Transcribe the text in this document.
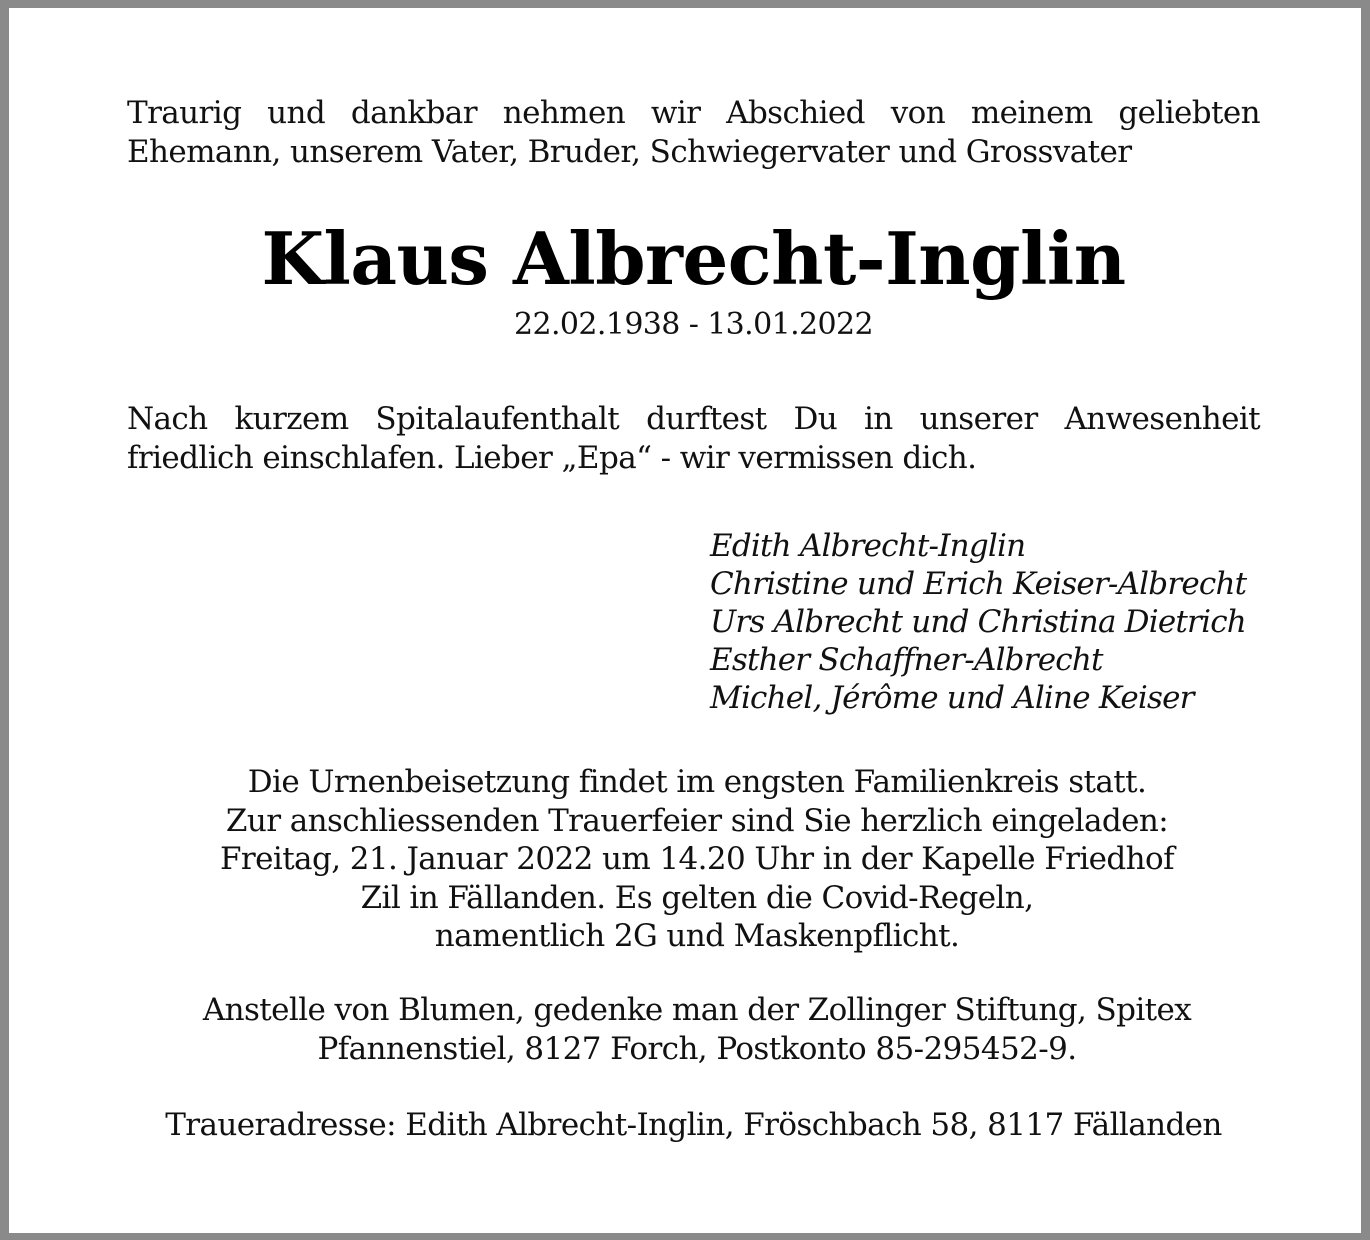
Traurig und dankbar nehmen wir Abschied von meinem geliebten
Ehemann, unserem Vater, Bruder, Schwiegervater und Grossvater
Klaus Albrecht-Inglin
22.02.1938 - 13.01.2022
Nach kurzem Spitalaufenthalt durftest Du in unserer Anwesenheit
friedlich einschlafen. Lieber „Epa“ - wir vermissen dich.
Edith Albrecht-Inglin
Christine und Erich Keiser-Albrecht
Urs Albrecht und Christina Dietrich
Esther Schaffner-Albrecht
Michel, Jérôme und Aline Keiser
Die Urnenbeisetzung findet im engsten Familienkreis statt.
Zur anschliessenden Trauerfeier sind Sie herzlich eingeladen:
Freitag, 21. Januar 2022 um 14.20 Uhr in der Kapelle Friedhof
Zil in Fällanden. Es gelten die Covid-Regeln,
namentlich 2G und Maskenpflicht.
Anstelle von Blumen, gedenke man der Zollinger Stiftung, Spitex
Pfannenstiel, 8127 Forch, Postkonto 85-295452-9.
Traueradresse: Edith Albrecht-Inglin, Fröschbach 58, 8117 Fällanden
